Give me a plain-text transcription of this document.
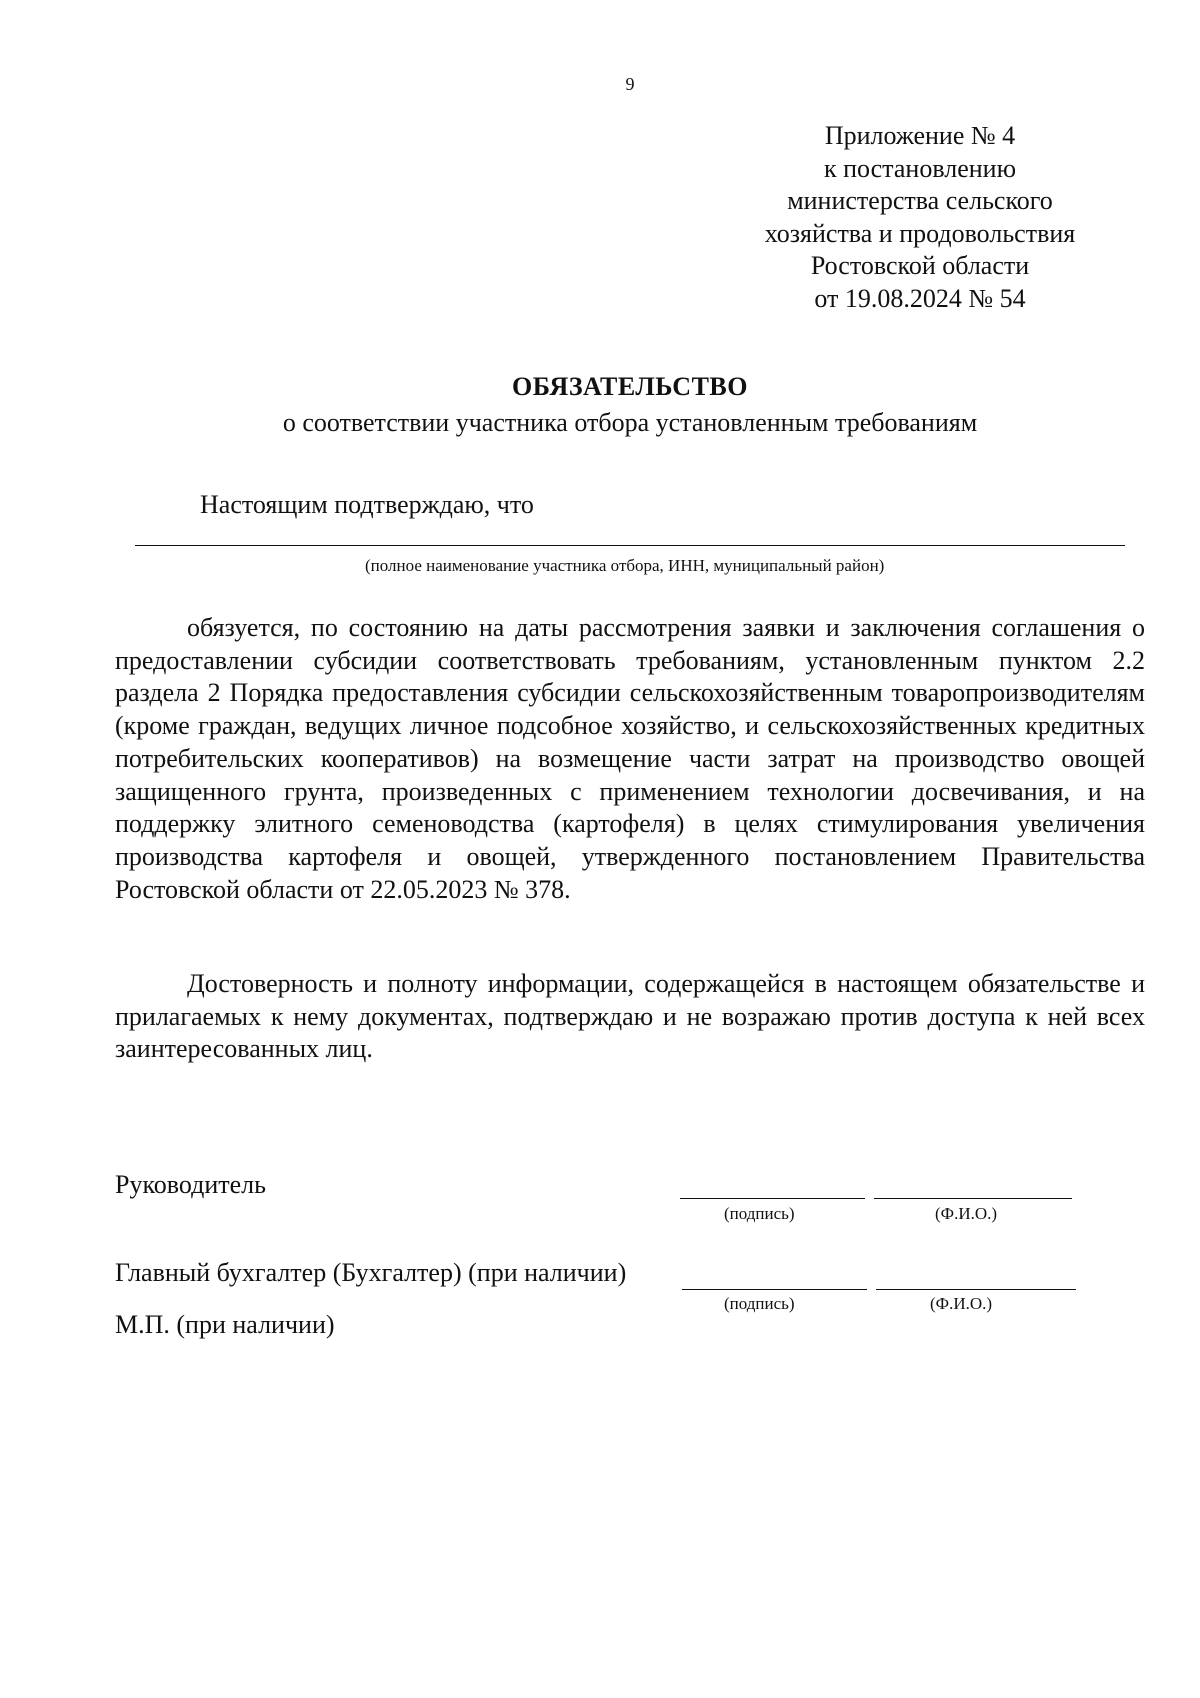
9
Приложение № 4
к постановлению
министерства сельского
хозяйства и продовольствия
Ростовской области
от 19.08.2024 № 54
ОБЯЗАТЕЛЬСТВО
о соответствии участника отбора установленным требованиям
Настоящим подтверждаю, что
(полное наименование участника отбора, ИНН, муниципальный район)

обязуется, по состоянию на даты рассмотрения заявки и заключения соглашения о предоставлении субсидии соответствовать требованиям, установленным пунктом 2.2 раздела 2 Порядка предоставления субсидии сельскохозяйственным товаропроизводителям (кроме граждан, ведущих личное подсобное хозяйство, и сельскохозяйственных кредитных потребительских кооперативов) на возмещение части затрат на производство овощей защищенного грунта, произведенных с применением технологии досвечивания, и на поддержку элитного семеноводства (картофеля) в целях стимулирования увеличения производства картофеля и овощей, утвержденного постановлением Правительства Ростовской области от 22.05.2023 № 378.

Достоверность и полноту информации, содержащейся в настоящем обязательстве и прилагаемых к нему документах, подтверждаю и не возражаю против доступа к ней всех заинтересованных лиц.

Руководитель
(подпись)	(Ф.И.О.)
Главный бухгалтер (Бухгалтер) (при наличии)
(подпись)	(Ф.И.О.)
М.П. (при наличии)
